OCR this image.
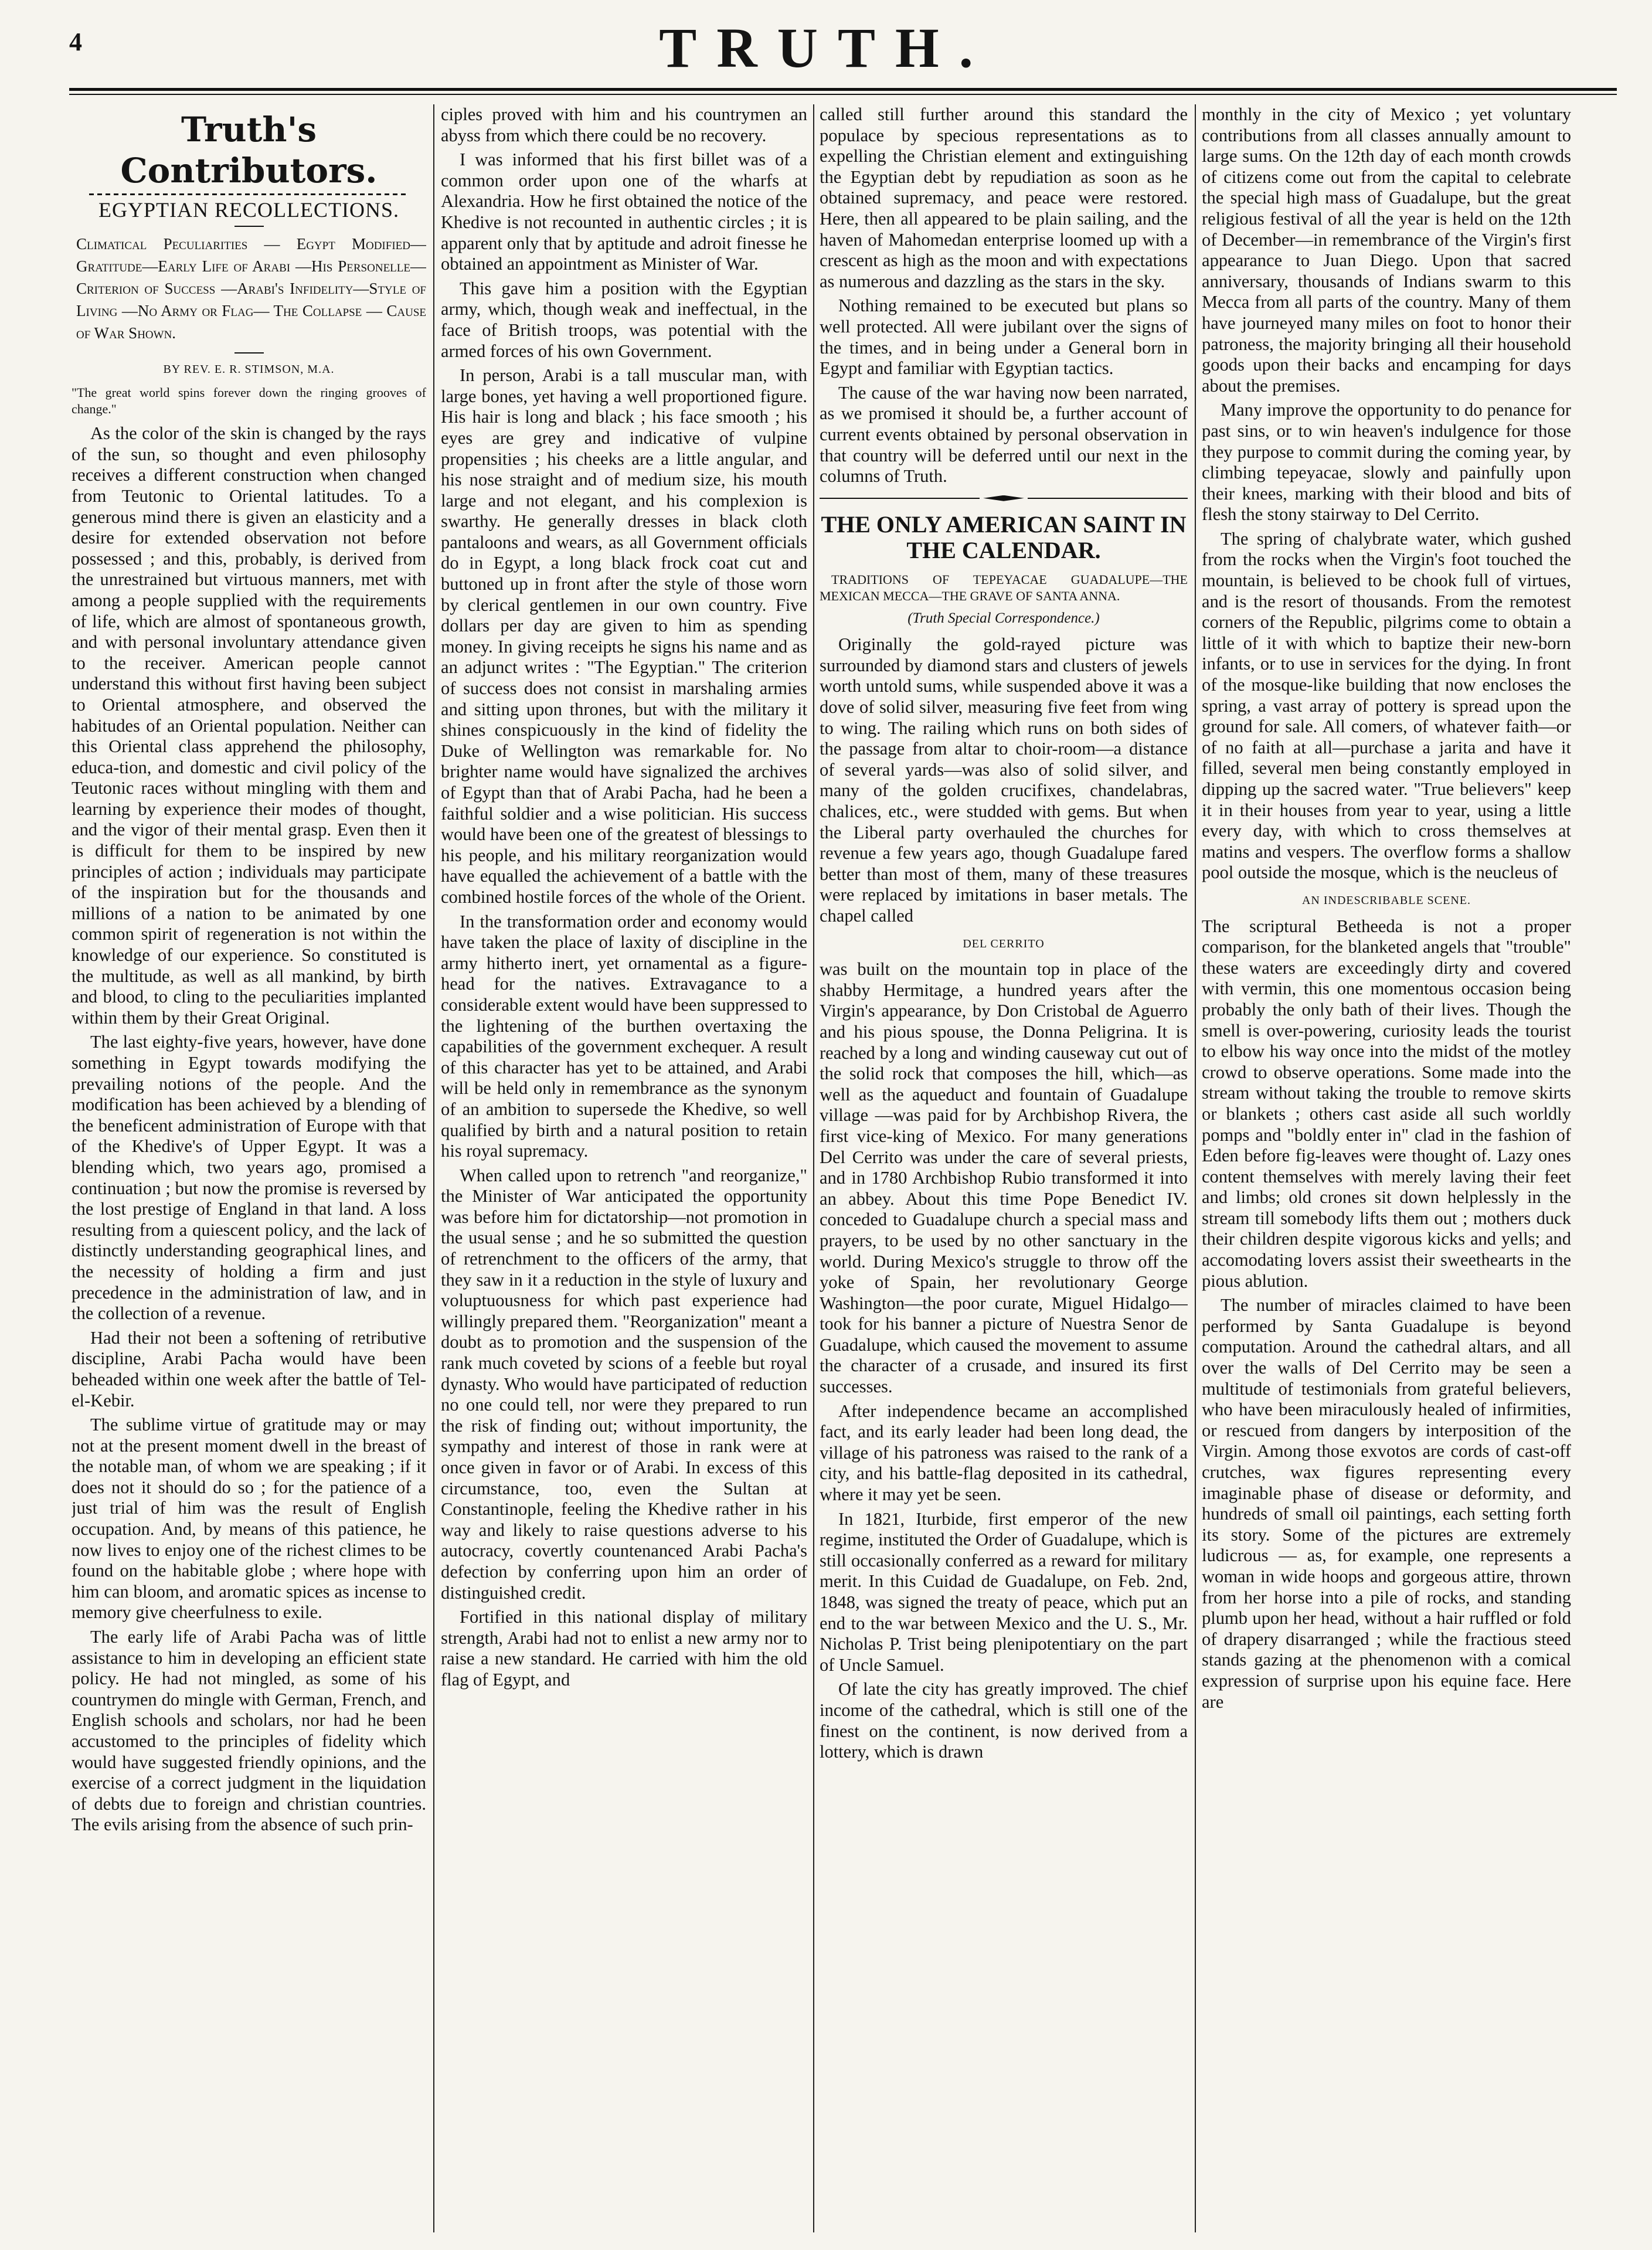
4	TRUTH.
Truth's Contributors.
EGYPTIAN RECOLLECTIONS.

Climatical Peculiarities — Egypt Modified—Gratitude—Early Life of Arabi —His Personelle—Criterion of Success —Arabi's Infidelity—Style of Living —No Army or Flag— The Collapse — Cause of War Shown.

BY REV. E. R. STIMSON, M.A.

"The great world spins forever down the ringing grooves of change."

As the color of the skin is changed by the rays of the sun, so thought and even philosophy receives a different construction when changed from Teutonic to Oriental latitudes. To a generous mind there is given an elasticity and a desire for extended observation not before possessed ; and this, probably, is derived from the unrestrained but virtuous manners, met with among a people supplied with the requirements of life, which are almost of spontaneous growth, and with personal involuntary attendance given to the receiver. American people cannot understand this without first having been subject to Oriental atmosphere, and observed the habitudes of an Oriental population. Neither can this Oriental class apprehend the philosophy, educa-tion, and domestic and civil policy of the Teutonic races without mingling with them and learning by experience their modes of thought, and the vigor of their mental grasp. Even then it is difficult for them to be inspired by new principles of action ; individuals may participate of the inspiration but for the thousands and millions of a nation to be animated by one common spirit of regeneration is not within the knowledge of our experience. So constituted is the multitude, as well as all mankind, by birth and blood, to cling to the peculiarities implanted within them by their Great Original.

The last eighty-five years, however, have done something in Egypt towards modifying the prevailing notions of the people. And the modification has been achieved by a blending of the beneficent administration of Europe with that of the Khedive's of Upper Egypt. It was a blending which, two years ago, promised a continuation ; but now the promise is reversed by the lost prestige of England in that land. A loss resulting from a quiescent policy, and the lack of distinctly understanding geographical lines, and the necessity of holding a firm and just precedence in the administration of law, and in the collection of a revenue.

Had their not been a softening of retributive discipline, Arabi Pacha would have been beheaded within one week after the battle of Tel-el-Kebir.

The sublime virtue of gratitude may or may not at the present moment dwell in the breast of the notable man, of whom we are speaking ; if it does not it should do so ; for the patience of a just trial of him was the result of English occupation. And, by means of this patience, he now lives to enjoy one of the richest climes to be found on the habitable globe ; where hope with him can bloom, and aromatic spices as incense to memory give cheerfulness to exile.

The early life of Arabi Pacha was of little assistance to him in developing an efficient state policy. He had not mingled, as some of his countrymen do mingle with German, French, and English schools and scholars, nor had he been accustomed to the principles of fidelity which would have suggested friendly opinions, and the exercise of a correct judgment in the liquidation of debts due to foreign and christian countries. The evils arising from the absence of such prin-

ciples proved with him and his countrymen an abyss from which there could be no recovery.

I was informed that his first billet was of a common order upon one of the wharfs at Alexandria. How he first obtained the notice of the Khedive is not recounted in authentic circles ; it is apparent only that by aptitude and adroit finesse he obtained an appointment as Minister of War.

This gave him a position with the Egyptian army, which, though weak and ineffectual, in the face of British troops, was potential with the armed forces of his own Government.

In person, Arabi is a tall muscular man, with large bones, yet having a well proportioned figure. His hair is long and black ; his face smooth ; his eyes are grey and indicative of vulpine propensities ; his cheeks are a little angular, and his nose straight and of medium size, his mouth large and not elegant, and his complexion is swarthy. He generally dresses in black cloth pantaloons and wears, as all Government officials do in Egypt, a long black frock coat cut and buttoned up in front after the style of those worn by clerical gentlemen in our own country. Five dollars per day are given to him as spending money. In giving receipts he signs his name and as an adjunct writes : "The Egyptian." The criterion of success does not consist in marshaling armies and sitting upon thrones, but with the military it shines conspicuously in the kind of fidelity the Duke of Wellington was remarkable for. No brighter name would have signalized the archives of Egypt than that of Arabi Pacha, had he been a faithful soldier and a wise politician. His success would have been one of the greatest of blessings to his people, and his military reorganization would have equalled the achievement of a battle with the combined hostile forces of the whole of the Orient.

In the transformation order and economy would have taken the place of laxity of discipline in the army hitherto inert, yet ornamental as a figure-head for the natives. Extravagance to a considerable extent would have been suppressed to the lightening of the burthen overtaxing the capabilities of the government exchequer. A result of this character has yet to be attained, and Arabi will be held only in remembrance as the synonym of an ambition to supersede the Khedive, so well qualified by birth and a natural position to retain his royal supremacy.

When called upon to retrench "and reorganize," the Minister of War anticipated the opportunity was before him for dictatorship—not promotion in the usual sense ; and he so submitted the question of retrenchment to the officers of the army, that they saw in it a reduction in the style of luxury and voluptuousness for which past experience had willingly prepared them. "Reorganization" meant a doubt as to promotion and the suspension of the rank much coveted by scions of a feeble but royal dynasty. Who would have participated of reduction no one could tell, nor were they prepared to run the risk of finding out; without importunity, the sympathy and interest of those in rank were at once given in favor or of Arabi. In excess of this circumstance, too, even the Sultan at Constantinople, feeling the Khedive rather in his way and likely to raise questions adverse to his autocracy, covertly countenanced Arabi Pacha's defection by conferring upon him an order of distinguished credit.

Fortified in this national display of military strength, Arabi had not to enlist a new army nor to raise a new standard. He carried with him the old flag of Egypt, and

called still further around this standard the populace by specious representations as to expelling the Christian element and extinguishing the Egyptian debt by repudiation as soon as he obtained supremacy, and peace were restored. Here, then all appeared to be plain sailing, and the haven of Mahomedan enterprise loomed up with a crescent as high as the moon and with expectations as numerous and dazzling as the stars in the sky.

Nothing remained to be executed but plans so well protected. All were jubilant over the signs of the times, and in being under a General born in Egypt and familiar with Egyptian tactics.

The cause of the war having now been narrated, as we promised it should be, a further account of current events obtained by personal observation in that country will be deferred until our next in the columns of Truth.

THE ONLY AMERICAN SAINT IN THE CALENDAR.

TRADITIONS OF TEPEYACAE GUADALUPE—THE MEXICAN MECCA—THE GRAVE OF SANTA ANNA.

(Truth Special Correspondence.)

Originally the gold-rayed picture was surrounded by diamond stars and clusters of jewels worth untold sums, while suspended above it was a dove of solid silver, measuring five feet from wing to wing. The railing which runs on both sides of the passage from altar to choir-room—a distance of several yards—was also of solid silver, and many of the golden crucifixes, chandelabras, chalices, etc., were studded with gems. But when the Liberal party overhauled the churches for revenue a few years ago, though Guadalupe fared better than most of them, many of these treasures were replaced by imitations in baser metals. The chapel called

DEL CERRITO

was built on the mountain top in place of the shabby Hermitage, a hundred years after the Virgin's appearance, by Don Cristobal de Aguerro and his pious spouse, the Donna Peligrina. It is reached by a long and winding causeway cut out of the solid rock that composes the hill, which—as well as the aqueduct and fountain of Guadalupe village —was paid for by Archbishop Rivera, the first vice-king of Mexico. For many generations Del Cerrito was under the care of several priests, and in 1780 Archbishop Rubio transformed it into an abbey. About this time Pope Benedict IV. conceded to Guadalupe church a special mass and prayers, to be used by no other sanctuary in the world. During Mexico's struggle to throw off the yoke of Spain, her revolutionary George Washington—the poor curate, Miguel Hidalgo—took for his banner a picture of Nuestra Senor de Guadalupe, which caused the movement to assume the character of a crusade, and insured its first successes.

After independence became an accomplished fact, and its early leader had been long dead, the village of his patroness was raised to the rank of a city, and his battle-flag deposited in its cathedral, where it may yet be seen.

In 1821, Iturbide, first emperor of the new regime, instituted the Order of Guadalupe, which is still occasionally conferred as a reward for military merit. In this Cuidad de Guadalupe, on Feb. 2nd, 1848, was signed the treaty of peace, which put an end to the war between Mexico and the U. S., Mr. Nicholas P. Trist being plenipotentiary on the part of Uncle Samuel.

Of late the city has greatly improved. The chief income of the cathedral, which is still one of the finest on the continent, is now derived from a lottery, which is drawn

monthly in the city of Mexico ; yet voluntary contributions from all classes annually amount to large sums. On the 12th day of each month crowds of citizens come out from the capital to celebrate the special high mass of Guadalupe, but the great religious festival of all the year is held on the 12th of December—in remembrance of the Virgin's first appearance to Juan Diego. Upon that sacred anniversary, thousands of Indians swarm to this Mecca from all parts of the country. Many of them have journeyed many miles on foot to honor their patroness, the majority bringing all their household goods upon their backs and encamping for days about the premises.

Many improve the opportunity to do penance for past sins, or to win heaven's indulgence for those they purpose to commit during the coming year, by climbing tepeyacae, slowly and painfully upon their knees, marking with their blood and bits of flesh the stony stairway to Del Cerrito.

The spring of chalybrate water, which gushed from the rocks when the Virgin's foot touched the mountain, is believed to be chook full of virtues, and is the resort of thousands. From the remotest corners of the Republic, pilgrims come to obtain a little of it with which to baptize their new-born infants, or to use in services for the dying. In front of the mosque-like building that now encloses the spring, a vast array of pottery is spread upon the ground for sale. All comers, of whatever faith—or of no faith at all—purchase a jarita and have it filled, several men being constantly employed in dipping up the sacred water. "True believers" keep it in their houses from year to year, using a little every day, with which to cross themselves at matins and vespers. The overflow forms a shallow pool outside the mosque, which is the neucleus of

AN INDESCRIBABLE SCENE.

The scriptural Betheeda is not a proper comparison, for the blanketed angels that "trouble" these waters are exceedingly dirty and covered with vermin, this one momentous occasion being probably the only bath of their lives. Though the smell is over-powering, curiosity leads the tourist to elbow his way once into the midst of the motley crowd to observe operations. Some made into the stream without taking the trouble to remove skirts or blankets ; others cast aside all such worldly pomps and "boldly enter in" clad in the fashion of Eden before fig-leaves were thought of. Lazy ones content themselves with merely laving their feet and limbs; old crones sit down helplessly in the stream till somebody lifts them out ; mothers duck their children despite vigorous kicks and yells; and accomodating lovers assist their sweethearts in the pious ablution.

The number of miracles claimed to have been performed by Santa Guadalupe is beyond computation. Around the cathedral altars, and all over the walls of Del Cerrito may be seen a multitude of testimonials from grateful believers, who have been miraculously healed of infirmities, or rescued from dangers by interposition of the Virgin. Among those exvotos are cords of cast-off crutches, wax figures representing every imaginable phase of disease or deformity, and hundreds of small oil paintings, each setting forth its story. Some of the pictures are extremely ludicrous — as, for example, one represents a woman in wide hoops and gorgeous attire, thrown from her horse into a pile of rocks, and standing plumb upon her head, without a hair ruffled or fold of drapery disarranged ; while the fractious steed stands gazing at the phenomenon with a comical expression of surprise upon his equine face. Here are
